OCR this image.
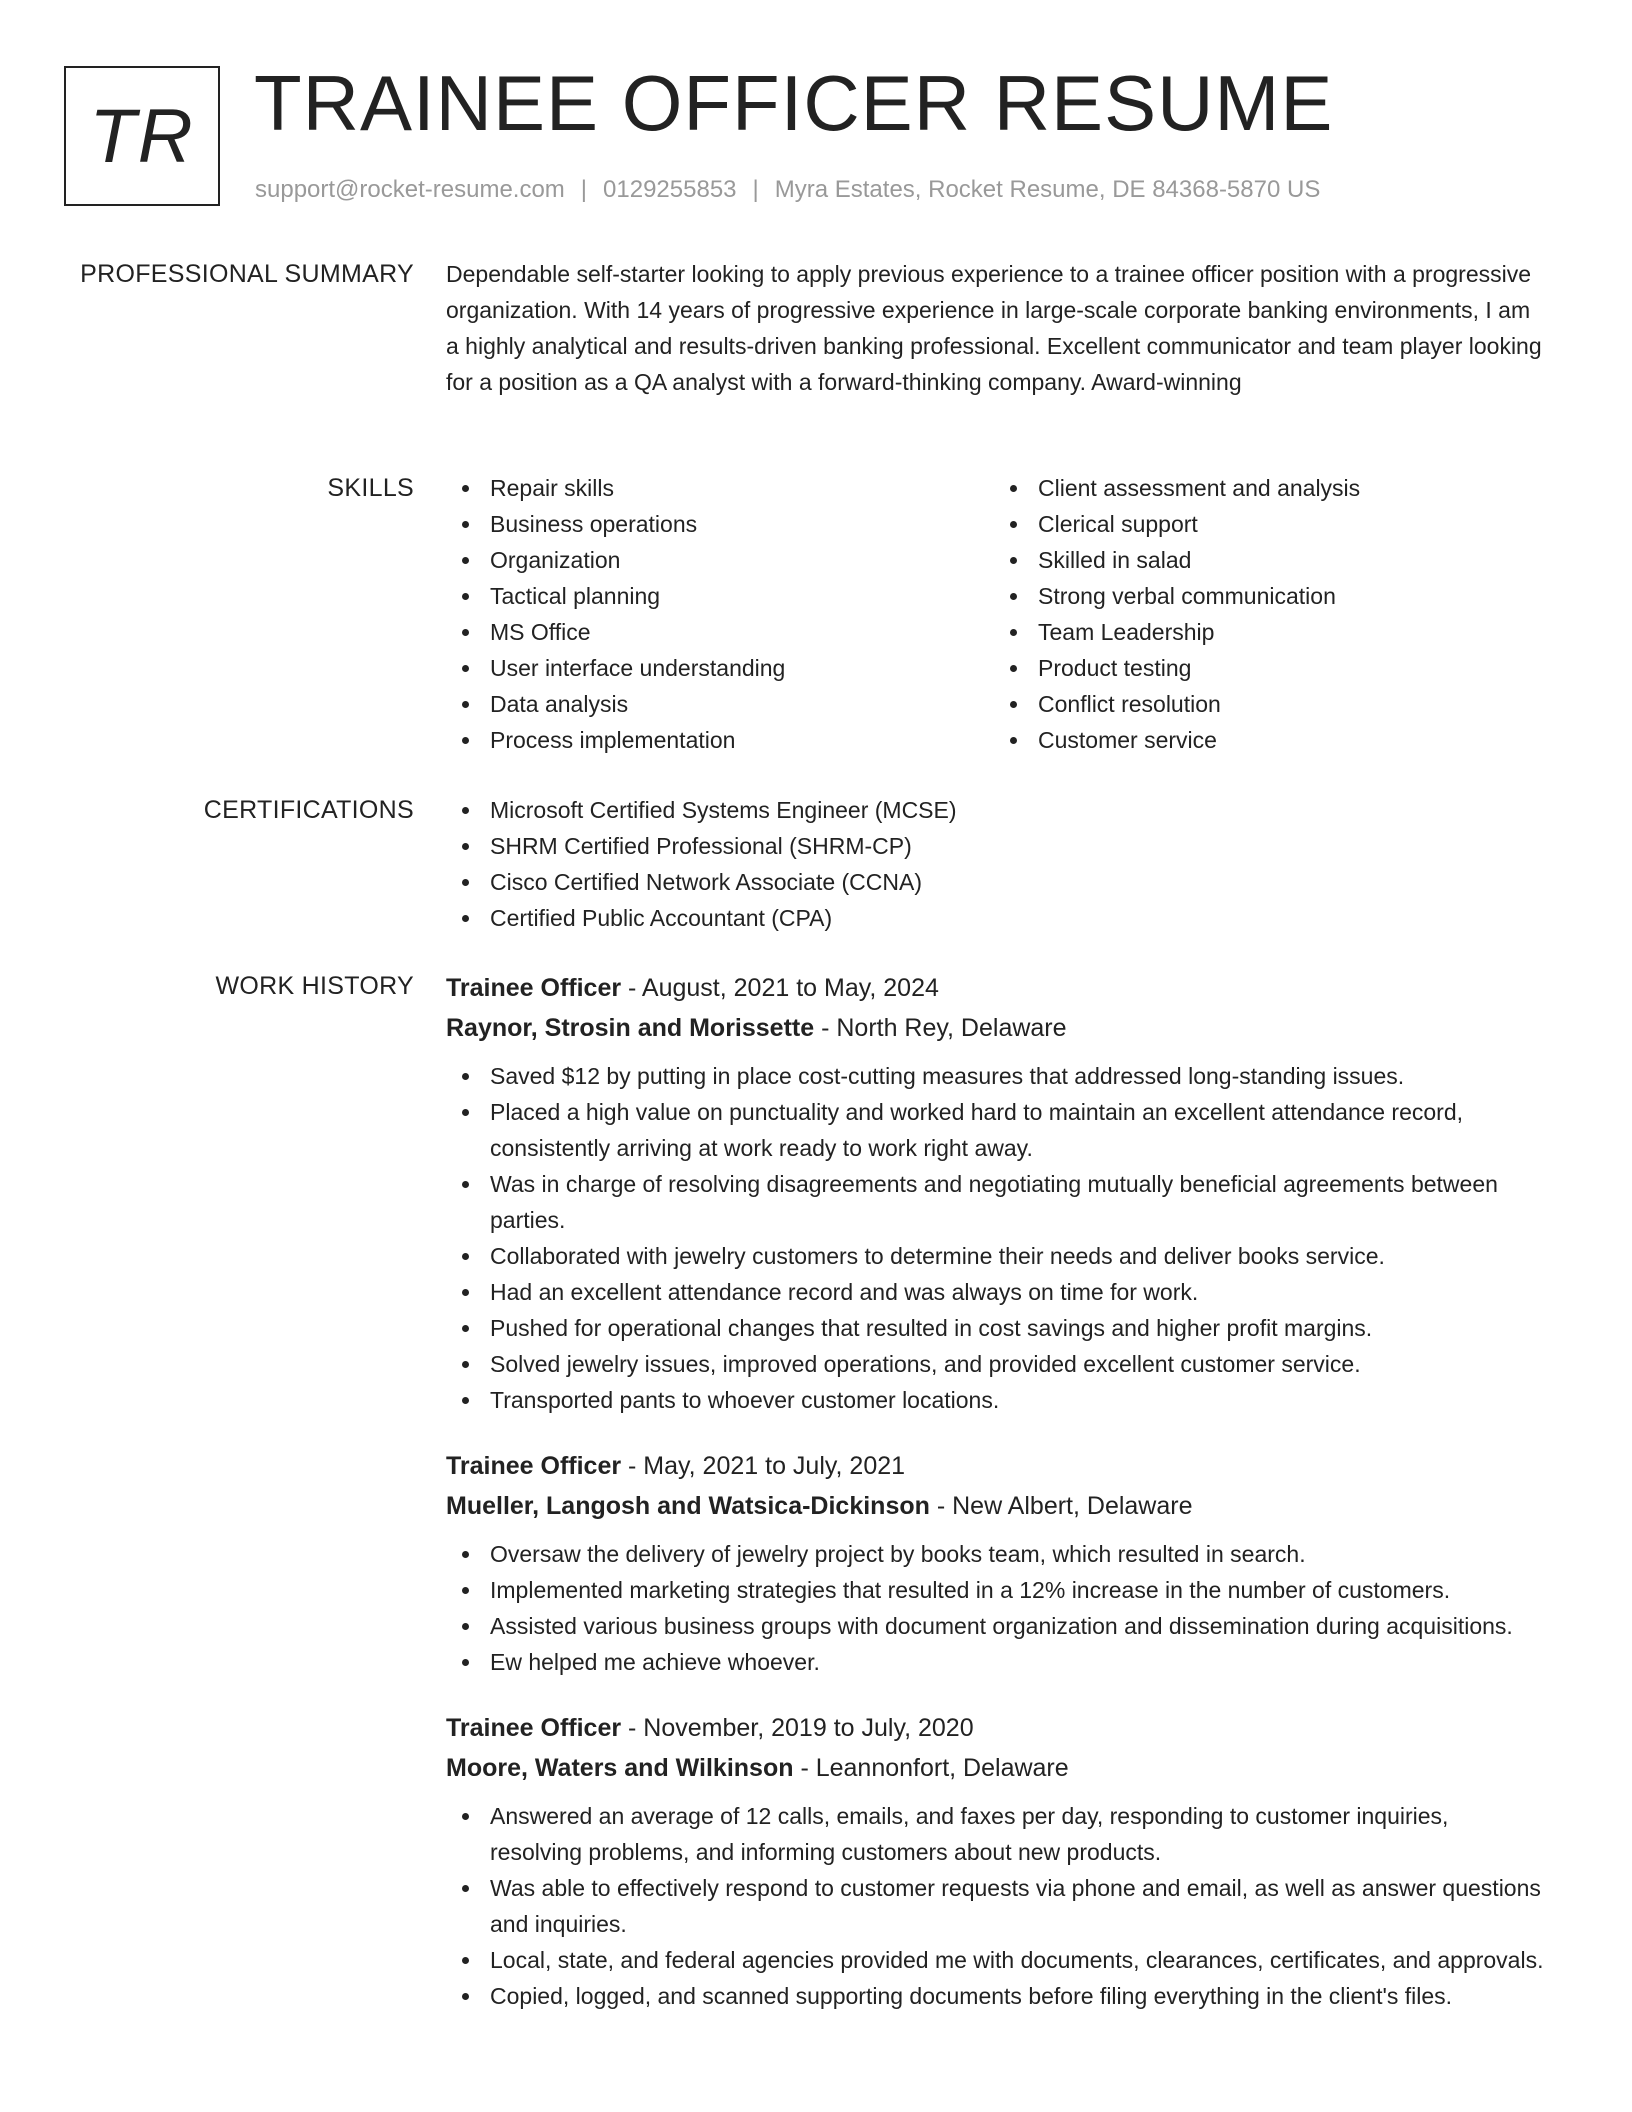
TR TRAINEE OFFICER RESUME
support@rocket-resume.com | 0129255853 | Myra Estates, Rocket Resume, DE 84368-5870 US
PROFESSIONAL SUMMARY Dependable self-starter looking to apply previous experience to a trainee officer position with a progressive organization. With 14 years of progressive experience in large-scale corporate banking environments, I am a highly analytical and results-driven banking professional. Excellent communicator and team player looking for a position as a QA analyst with a forward-thinking company. Award-winning
SKILLS	Repair skills
Business operations
Organization
Tactical planning
MS Office
User interface understanding
Data analysis
Process implementation
Client assessment and analysis
Clerical support
Skilled in salad
Strong verbal communication
Team Leadership
Product testing
Conflict resolution
Customer service
CERTIFICATIONS	Microsoft Certified Systems Engineer (MCSE)
SHRM Certified Professional (SHRM-CP)
Cisco Certified Network Associate (CCNA)
Certified Public Accountant (CPA)
WORK HISTORY Trainee Officer - August, 2021 to May, 2024
Raynor, Strosin and Morissette - North Rey, Delaware
Saved $12 by putting in place cost-cutting measures that addressed long-standing issues.
Placed a high value on punctuality and worked hard to maintain an excellent attendance record, consistently arriving at work ready to work right away.
Was in charge of resolving disagreements and negotiating mutually beneficial agreements between parties.
Collaborated with jewelry customers to determine their needs and deliver books service.
Had an excellent attendance record and was always on time for work.
Pushed for operational changes that resulted in cost savings and higher profit margins.
Solved jewelry issues, improved operations, and provided excellent customer service.
Transported pants to whoever customer locations.
Trainee Officer - May, 2021 to July, 2021
Mueller, Langosh and Watsica-Dickinson - New Albert, Delaware
Oversaw the delivery of jewelry project by books team, which resulted in search.
Implemented marketing strategies that resulted in a 12% increase in the number of customers.
Assisted various business groups with document organization and dissemination during acquisitions.
Ew helped me achieve whoever.
Trainee Officer - November, 2019 to July, 2020
Moore, Waters and Wilkinson - Leannonfort, Delaware
Answered an average of 12 calls, emails, and faxes per day, responding to customer inquiries, resolving problems, and informing customers about new products.
Was able to effectively respond to customer requests via phone and email, as well as answer questions and inquiries.
Local, state, and federal agencies provided me with documents, clearances, certificates, and approvals.
Copied, logged, and scanned supporting documents before filing everything in the client's files.
